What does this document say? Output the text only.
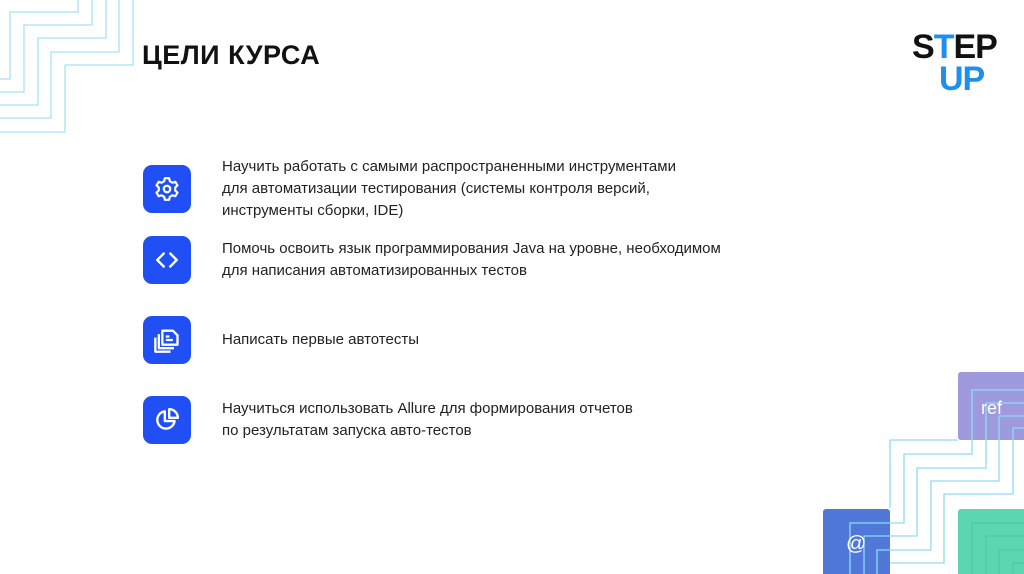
ref
@
ЦЕЛИ КУРСА	STEP
UP
Научить работать с самыми распространенными инструментами
для автоматизации тестирования (системы контроля версий,
инструменты сборки, IDE)
Помочь освоить язык программирования Java на уровне, необходимом
для написания автоматизированных тестов
Написать первые автотесты
Научиться использовать Allure для формирования отчетов
по результатам запуска авто-тестов
